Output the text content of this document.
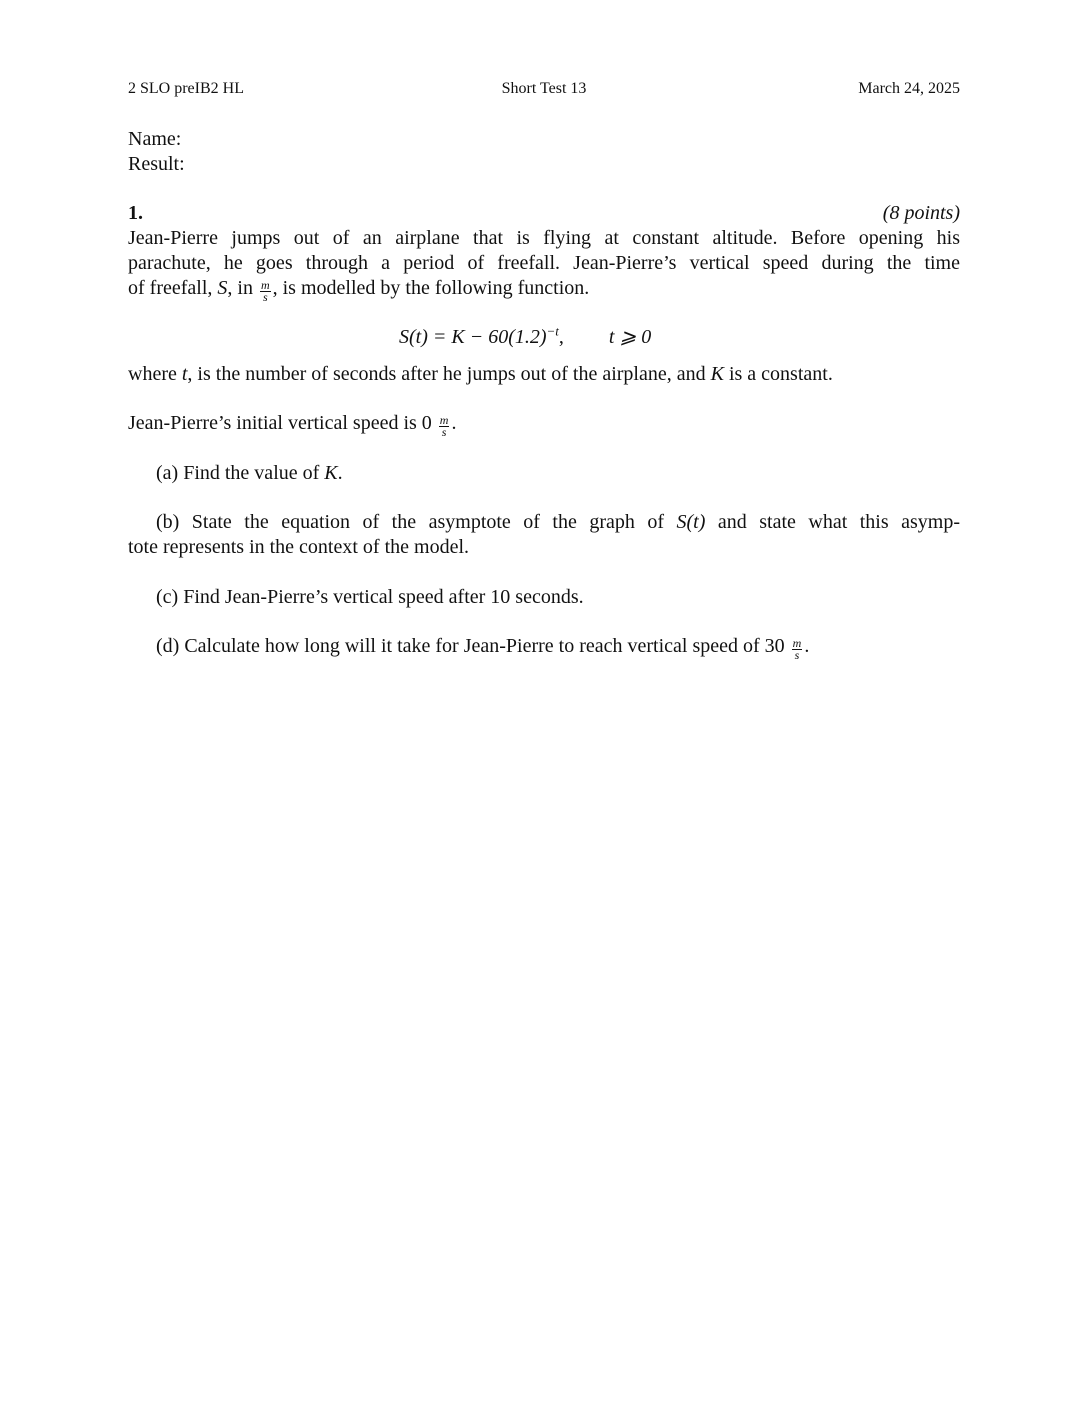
2 SLO preIB2 HL	Short Test 13	March 24, 2025
Name:
Result:
1.	(8 points)
Jean-Pierre jumps out of an airplane that is flying at constant altitude. Before opening his
parachute, he goes through a period of freefall. Jean-Pierre’s vertical speed during the time
of freefall, S, in $\frac{m}{s}$ , is modelled by the following function.
$S(t) = K - 60(1.2)^{-t}$, t ⩾ 0
where t, is the number of seconds after he jumps out of the airplane, and K is a constant.
Jean-Pierre’s initial vertical speed is $0 \frac{m}{s}$ .
(a) Find the value of K.
(b) State the equation of the asymptote of the graph of S(t) and state what this asymp-
tote represents in the context of the model.
(c) Find Jean-Pierre’s vertical speed after 10 seconds.
(d) Calculate how long will it take for Jean-Pierre to reach vertical speed of $30 \frac{m}{s}$ .
